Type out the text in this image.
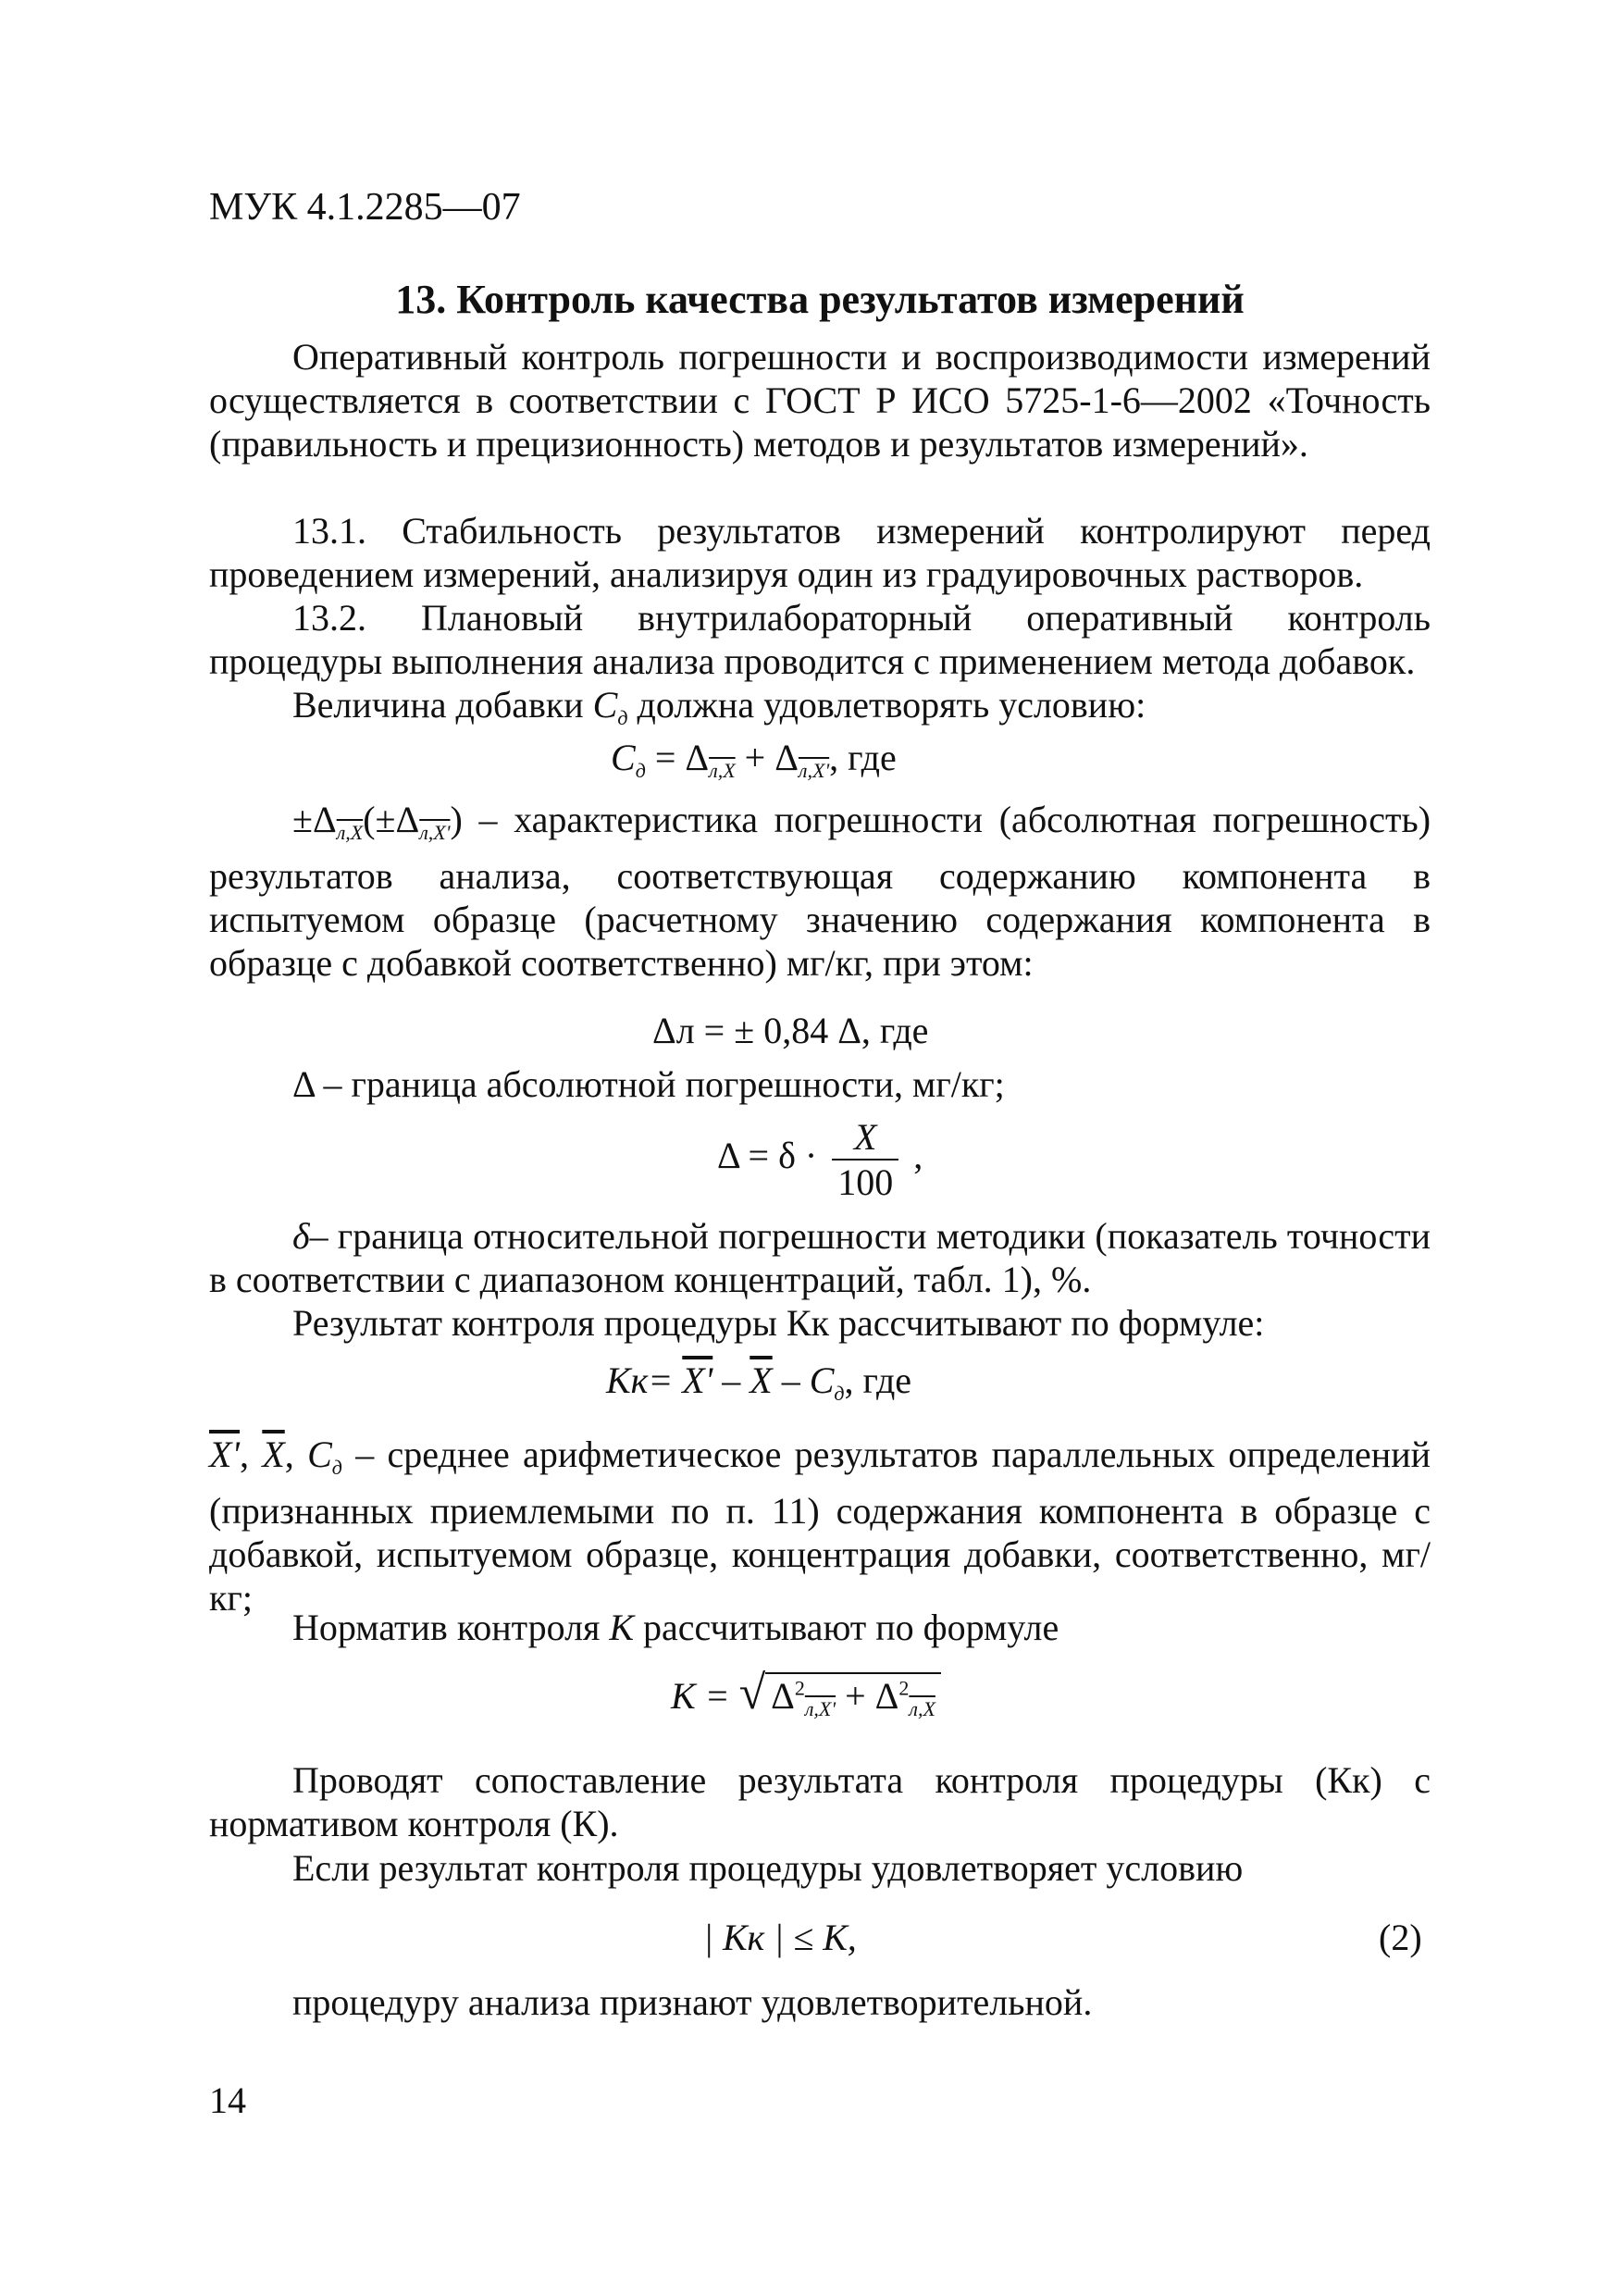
МУК 4.1.2285—07
13. Контроль качества результатов измерений

Оперативный контроль погрешности и воспроизводимости измерений осуществляется в соответствии с ГОСТ Р ИСО 5725-1-6—2002 «Точность (правильность и прецизионность) методов и результатов измерений».

13.1. Стабильность результатов измерений контролируют перед проведением измерений, анализируя один из градуировочных растворов.

13.2. Плановый внутрилабораторный оперативный контроль процедуры выполнения анализа проводится с применением метода добавок.

Величина добавки $C_д$ должна удовлетворять условию:

$C_д = \Delta_{л,X} + \Delta_{л,X'}$, где

$\pm\Delta_{л,X}(\pm\Delta_{л,X'})$ – характеристика погрешности (абсолютная погрешность) результатов анализа, соответствующая содержанию компонента в испытуемом образце (расчетному значению содержания компонента в образце с добавкой соответственно) мг/кг, при этом:

Δл = ± 0,84 Δ, где

Δ – граница абсолютной погрешности, мг/кг;

$\Delta = \delta \cdot \frac{X}{100}$ ,

δ– граница относительной погрешности методики (показатель точности в соответствии с диапазоном концентраций, табл. 1), %.

Результат контроля процедуры Кк рассчитывают по формуле:

$Кк= X' - \overline{X} - C_д$, где

X', $\overline{X}$, $C_д$ – среднее арифметическое результатов параллельных определений (признанных приемлемыми по п. 11) содержания компонента в образце с добавкой, испытуемом образце, концентрация добавки, соответственно, мг/кг;

Норматив контроля К рассчитывают по формуле

К = √ $\Delta^2_{л,X'} + \Delta^2_{л,X}$

Проводят сопоставление результата контроля процедуры (Кк) с нормативом контроля (К).

Если результат контроля процедуры удовлетворяет условию

| Кк | ≤ К,	(2)

процедуру анализа признают удовлетворительной.

14
